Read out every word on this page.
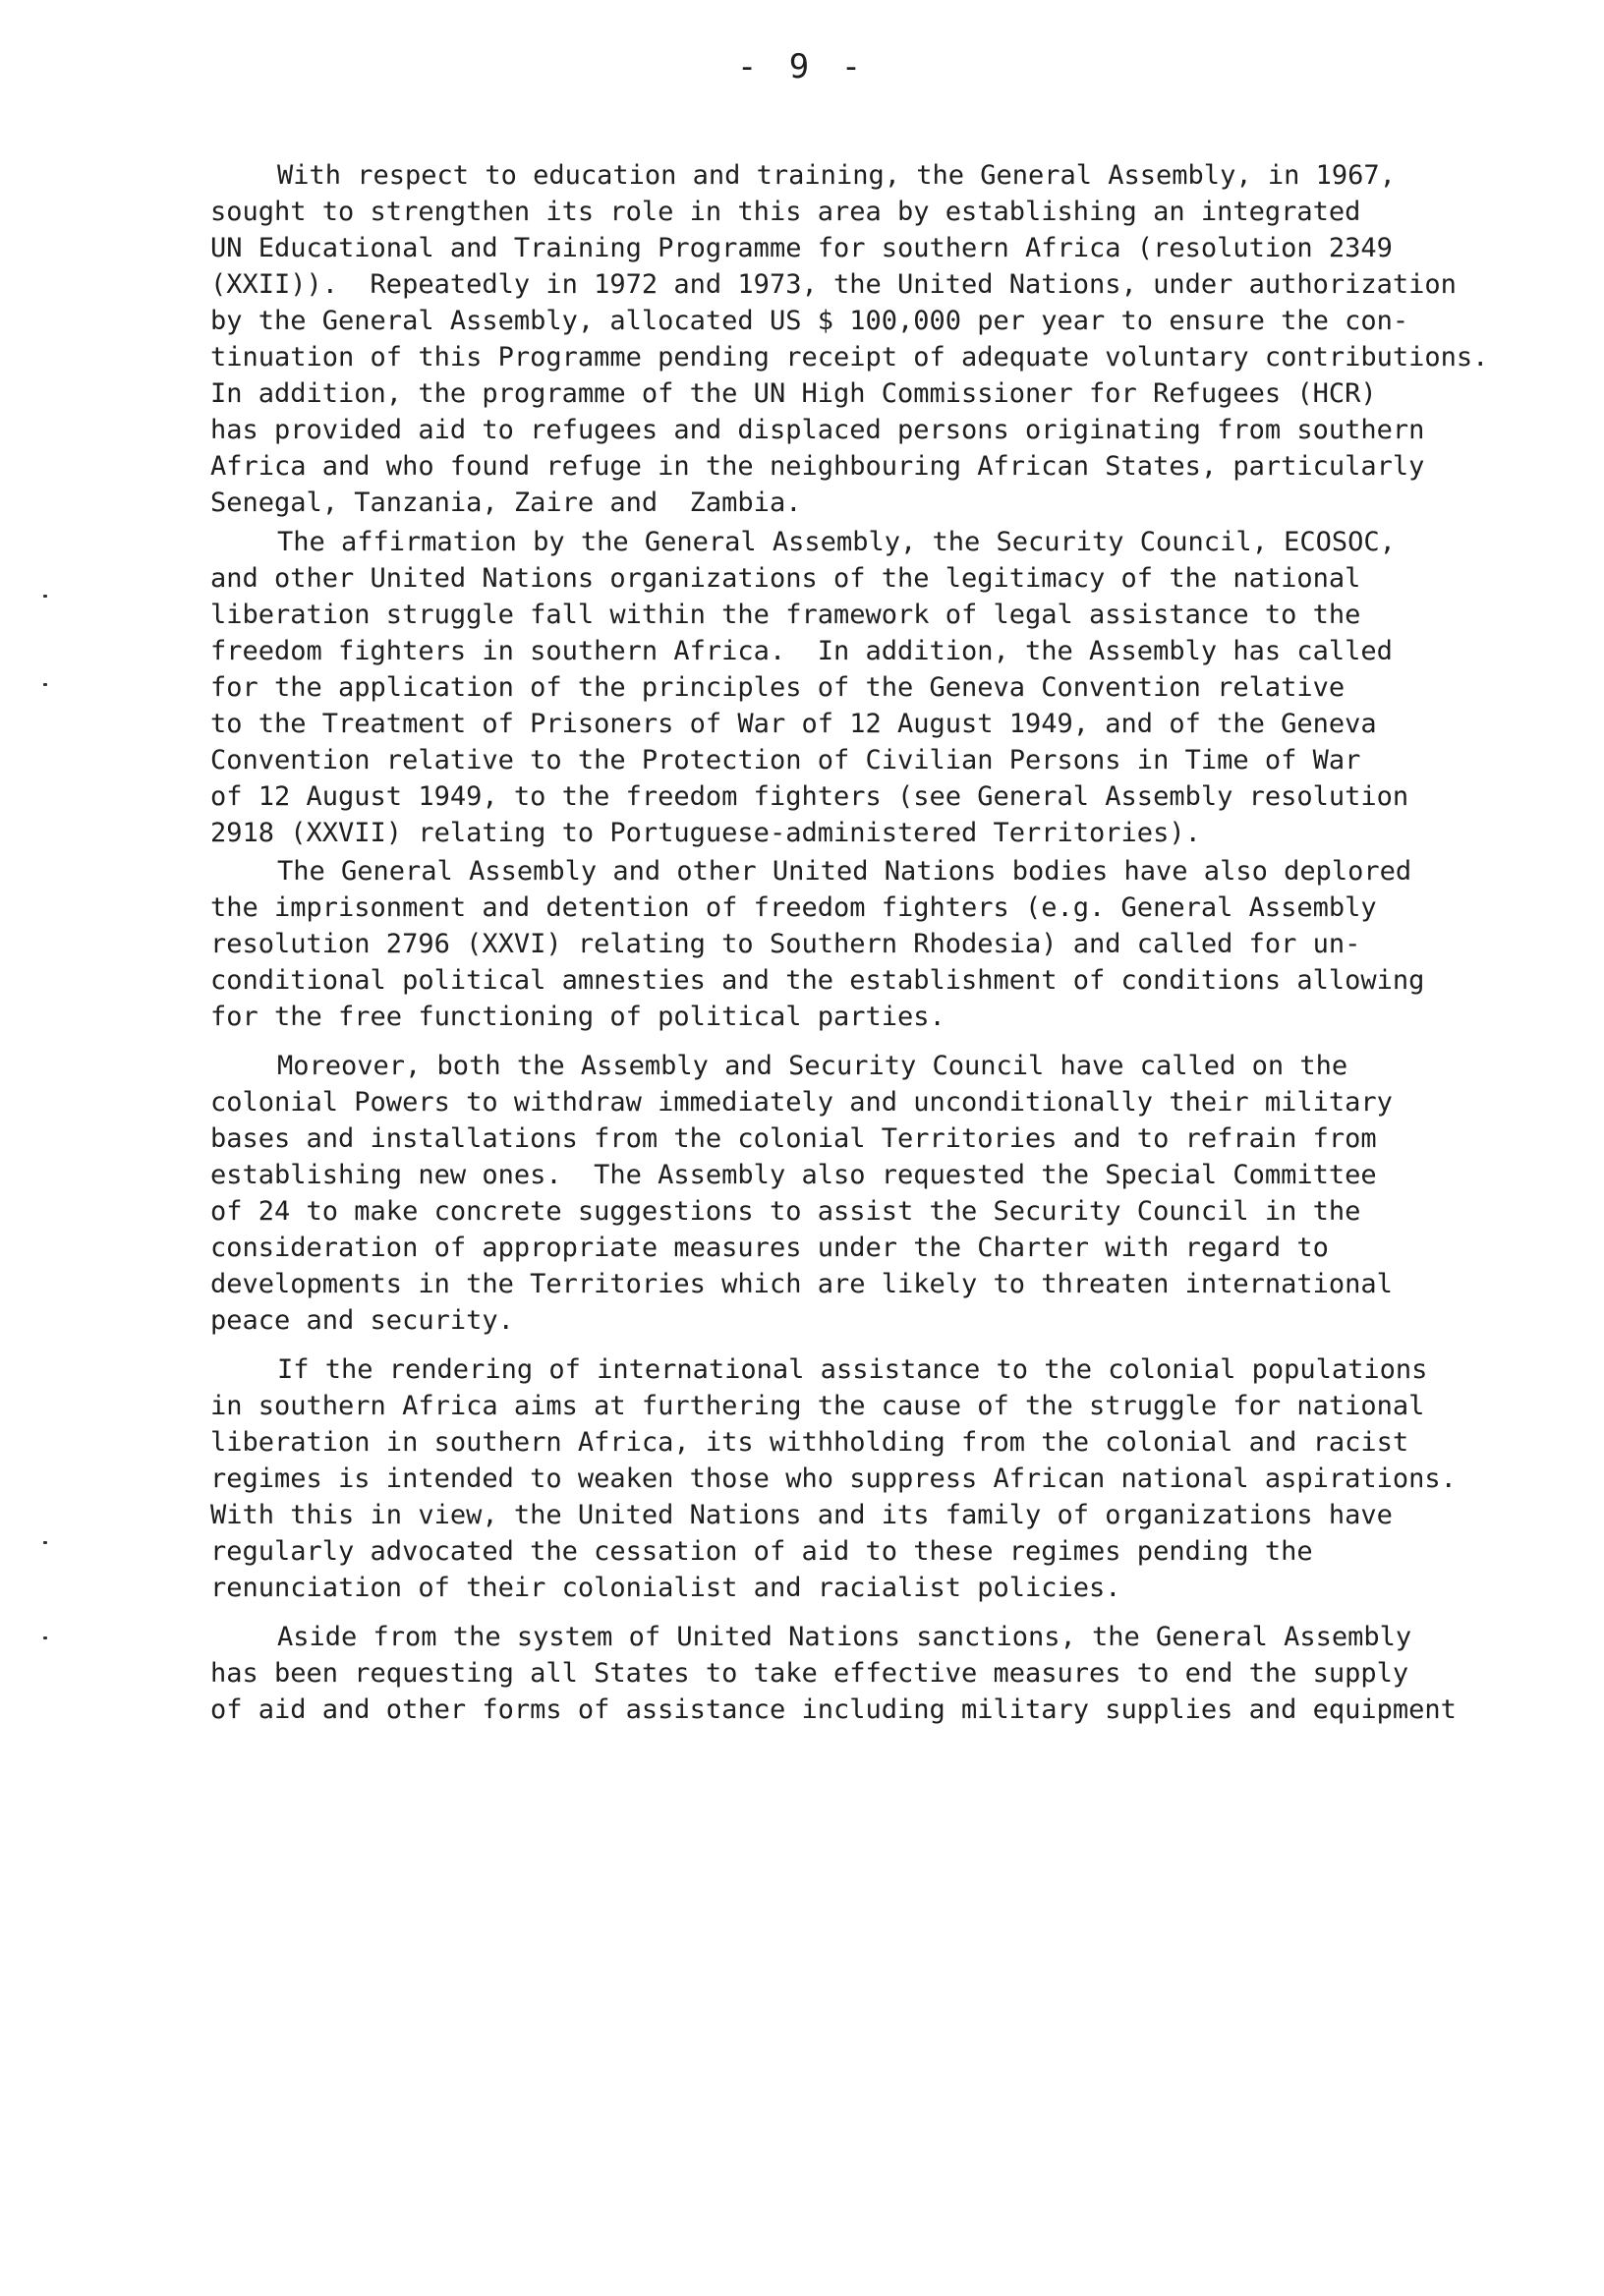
- 9 -
With respect to education and training, the General Assembly, in 1967,
sought to strengthen its role in this area by establishing an integrated
UN Educational and Training Programme for southern Africa (resolution 2349
(XXII)).  Repeatedly in 1972 and 1973, the United Nations, under authorization
by the General Assembly, allocated US $ 100,000 per year to ensure the con-
tinuation of this Programme pending receipt of adequate voluntary contributions.
In addition, the programme of the UN High Commissioner for Refugees (HCR)
has provided aid to refugees and displaced persons originating from southern
Africa and who found refuge in the neighbouring African States, particularly
Senegal, Tanzania, Zaire and  Zambia.
The affirmation by the General Assembly, the Security Council, ECOSOC,
and other United Nations organizations of the legitimacy of the national
liberation struggle fall within the framework of legal assistance to the
freedom fighters in southern Africa.  In addition, the Assembly has called
for the application of the principles of the Geneva Convention relative
to the Treatment of Prisoners of War of 12 August 1949, and of the Geneva
Convention relative to the Protection of Civilian Persons in Time of War
of 12 August 1949, to the freedom fighters (see General Assembly resolution
2918 (XXVII) relating to Portuguese-administered Territories).
The General Assembly and other United Nations bodies have also deplored
the imprisonment and detention of freedom fighters (e.g. General Assembly
resolution 2796 (XXVI) relating to Southern Rhodesia) and called for un-
conditional political amnesties and the establishment of conditions allowing
for the free functioning of political parties.
Moreover, both the Assembly and Security Council have called on the
colonial Powers to withdraw immediately and unconditionally their military
bases and installations from the colonial Territories and to refrain from
establishing new ones.  The Assembly also requested the Special Committee
of 24 to make concrete suggestions to assist the Security Council in the
consideration of appropriate measures under the Charter with regard to
developments in the Territories which are likely to threaten international
peace and security.
If the rendering of international assistance to the colonial populations
in southern Africa aims at furthering the cause of the struggle for national
liberation in southern Africa, its withholding from the colonial and racist
regimes is intended to weaken those who suppress African national aspirations.
With this in view, the United Nations and its family of organizations have
regularly advocated the cessation of aid to these regimes pending the
renunciation of their colonialist and racialist policies.
Aside from the system of United Nations sanctions, the General Assembly
has been requesting all States to take effective measures to end the supply
of aid and other forms of assistance including military supplies and equipment
